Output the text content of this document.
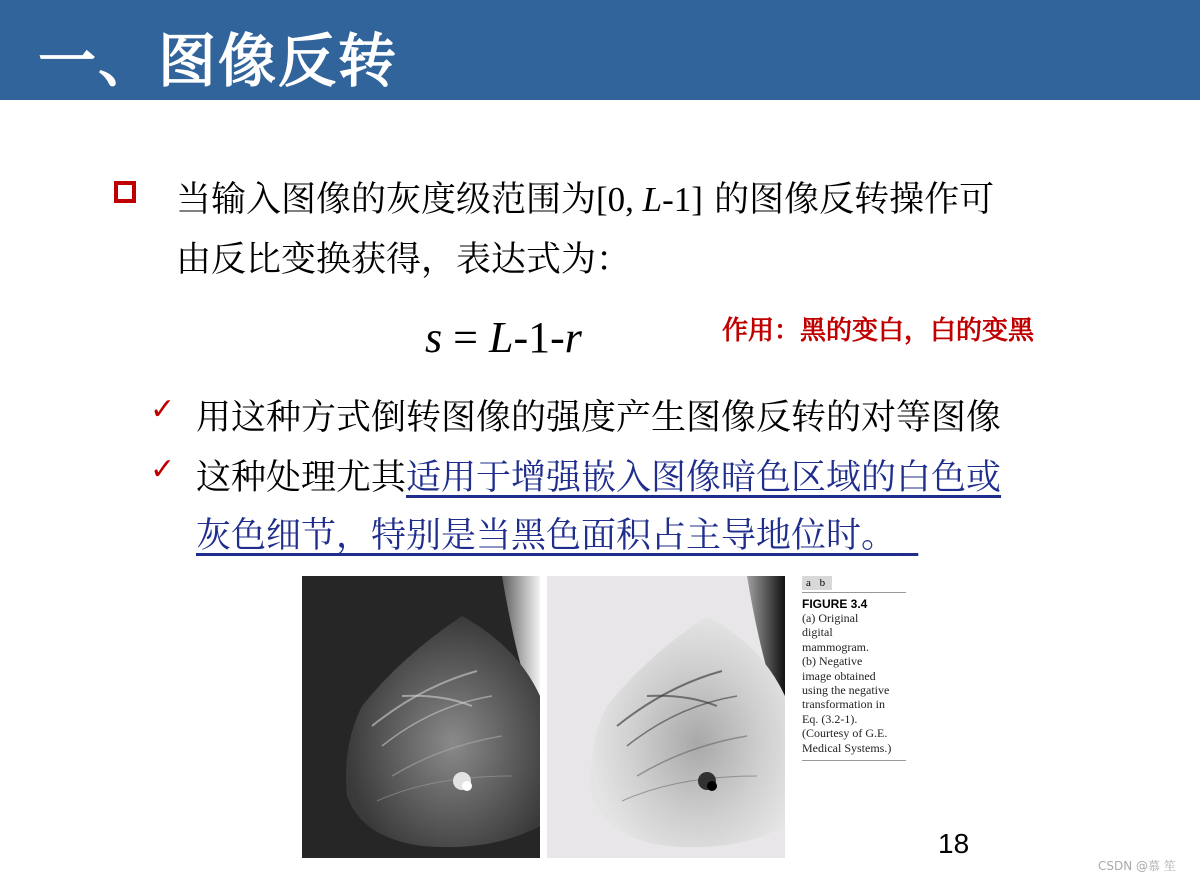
一、图像反转
当输入图像的灰度级范围为[0, L-1] 的图像反转操作可
由反比变换获得，表达式为：
s = L-1-r	作用：黑的变白，白的变黑
✓ 用这种方式倒转图像的强度产生图像反转的对等图像
✓ 这种处理尤其适用于增强嵌入图像暗色区域的白色或
灰色细节，特别是当黑色面积占主导地位时。
a b
FIGURE 3.4
(a) Original
digital
mammogram.
(b) Negative
image obtained
using the negative
transformation in
Eq. (3.2-1).
(Courtesy of G.E.
Medical Systems.)
18
CSDN @慕 笙
